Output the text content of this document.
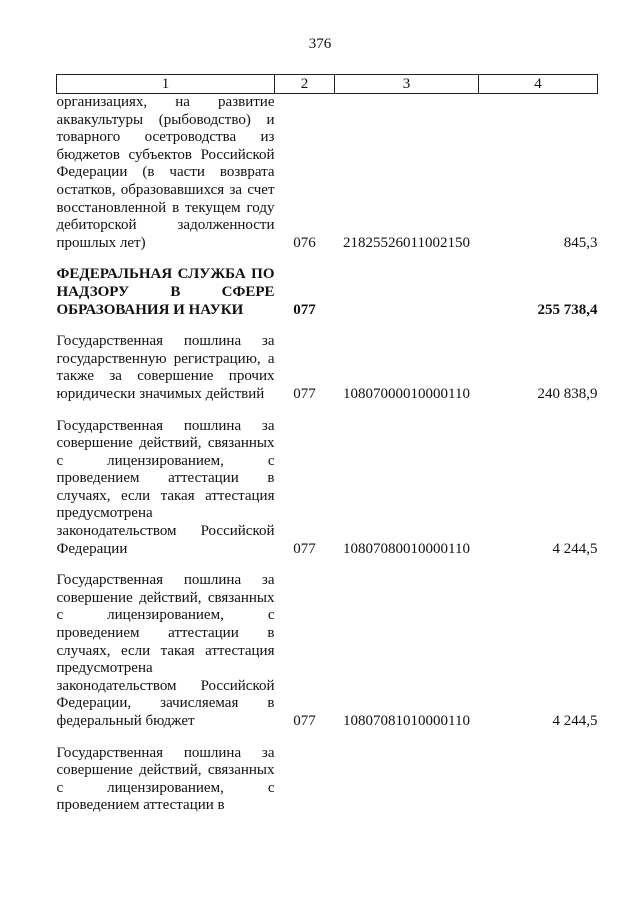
376
1	2	3	4
организациях, на развитие аквакультуры (рыбоводство) и товарного осетроводства из бюджетов субъектов Российской Федерации (в части возврата остатков, образовавшихся за счет восстановленной в текущем году дебиторской задолженности прошлых лет)	076	21825526011002150	845,3

ФЕДЕРАЛЬНАЯ СЛУЖБА ПО НАДЗОРУ В СФЕРЕ ОБРАЗОВАНИЯ И НАУКИ	077		255 738,4

Государственная пошлина за государственную регистрацию, а также за совершение прочих юридически значимых действий	077	10807000010000110	240 838,9

Государственная пошлина за совершение действий, связанных с лицензированием, с проведением аттестации в случаях, если такая аттестация предусмотрена законодательством Российской Федерации	077	10807080010000110	4 244,5

Государственная пошлина за совершение действий, связанных с лицензированием, с проведением аттестации в случаях, если такая аттестация предусмотрена законодательством Российской Федерации, зачисляемая в федеральный бюджет	077	10807081010000110	4 244,5

Государственная пошлина за совершение действий, связанных с лицензированием, с проведением аттестации в			
